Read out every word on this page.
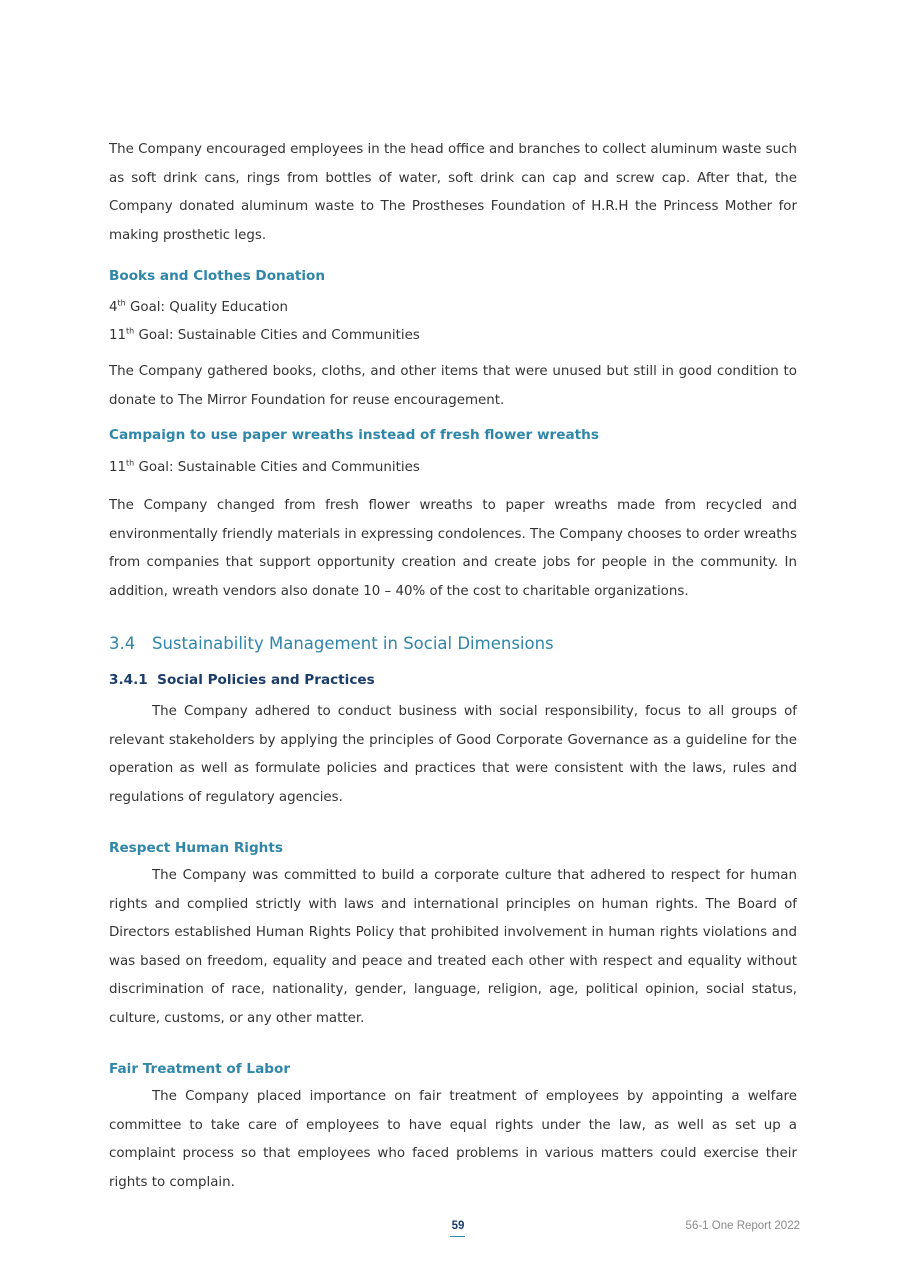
The Company encouraged employees in the head office and branches to collect aluminum waste such as soft drink cans, rings from bottles of water, soft drink can cap and screw cap. After that, the Company donated aluminum waste to The Prostheses Foundation of H.R.H the Princess Mother for making prosthetic legs.

Books and Clothes Donation

4th Goal: Quality Education

11th Goal: Sustainable Cities and Communities

The Company gathered books, cloths, and other items that were unused but still in good condition to donate to The Mirror Foundation for reuse encouragement.

Campaign to use paper wreaths instead of fresh flower wreaths

11th Goal: Sustainable Cities and Communities

The Company changed from fresh flower wreaths to paper wreaths made from recycled and environmentally friendly materials in expressing condolences. The Company chooses to order wreaths from companies that support opportunity creation and create jobs for people in the community. In addition, wreath vendors also donate 10 – 40% of the cost to charitable organizations.

3.4 Sustainability Management in Social Dimensions
3.4.1  Social Policies and Practices

The Company adhered to conduct business with social responsibility, focus to all groups of relevant stakeholders by applying the principles of Good Corporate Governance as a guideline for the operation as well as formulate policies and practices that were consistent with the laws, rules and regulations of regulatory agencies.

Respect Human Rights

The Company was committed to build a corporate culture that adhered to respect for human rights and complied strictly with laws and international principles on human rights. The Board of Directors established Human Rights Policy that prohibited involvement in human rights violations and was based on freedom, equality and peace and treated each other with respect and equality without discrimination of race, nationality, gender, language, religion, age, political opinion, social status, culture, customs, or any other matter.

Fair Treatment of Labor

The Company placed importance on fair treatment of employees by appointing a welfare committee to take care of employees to have equal rights under the law, as well as set up a complaint process so that employees who faced problems in various matters could exercise their rights to complain.

59	56-1 One Report 2022
